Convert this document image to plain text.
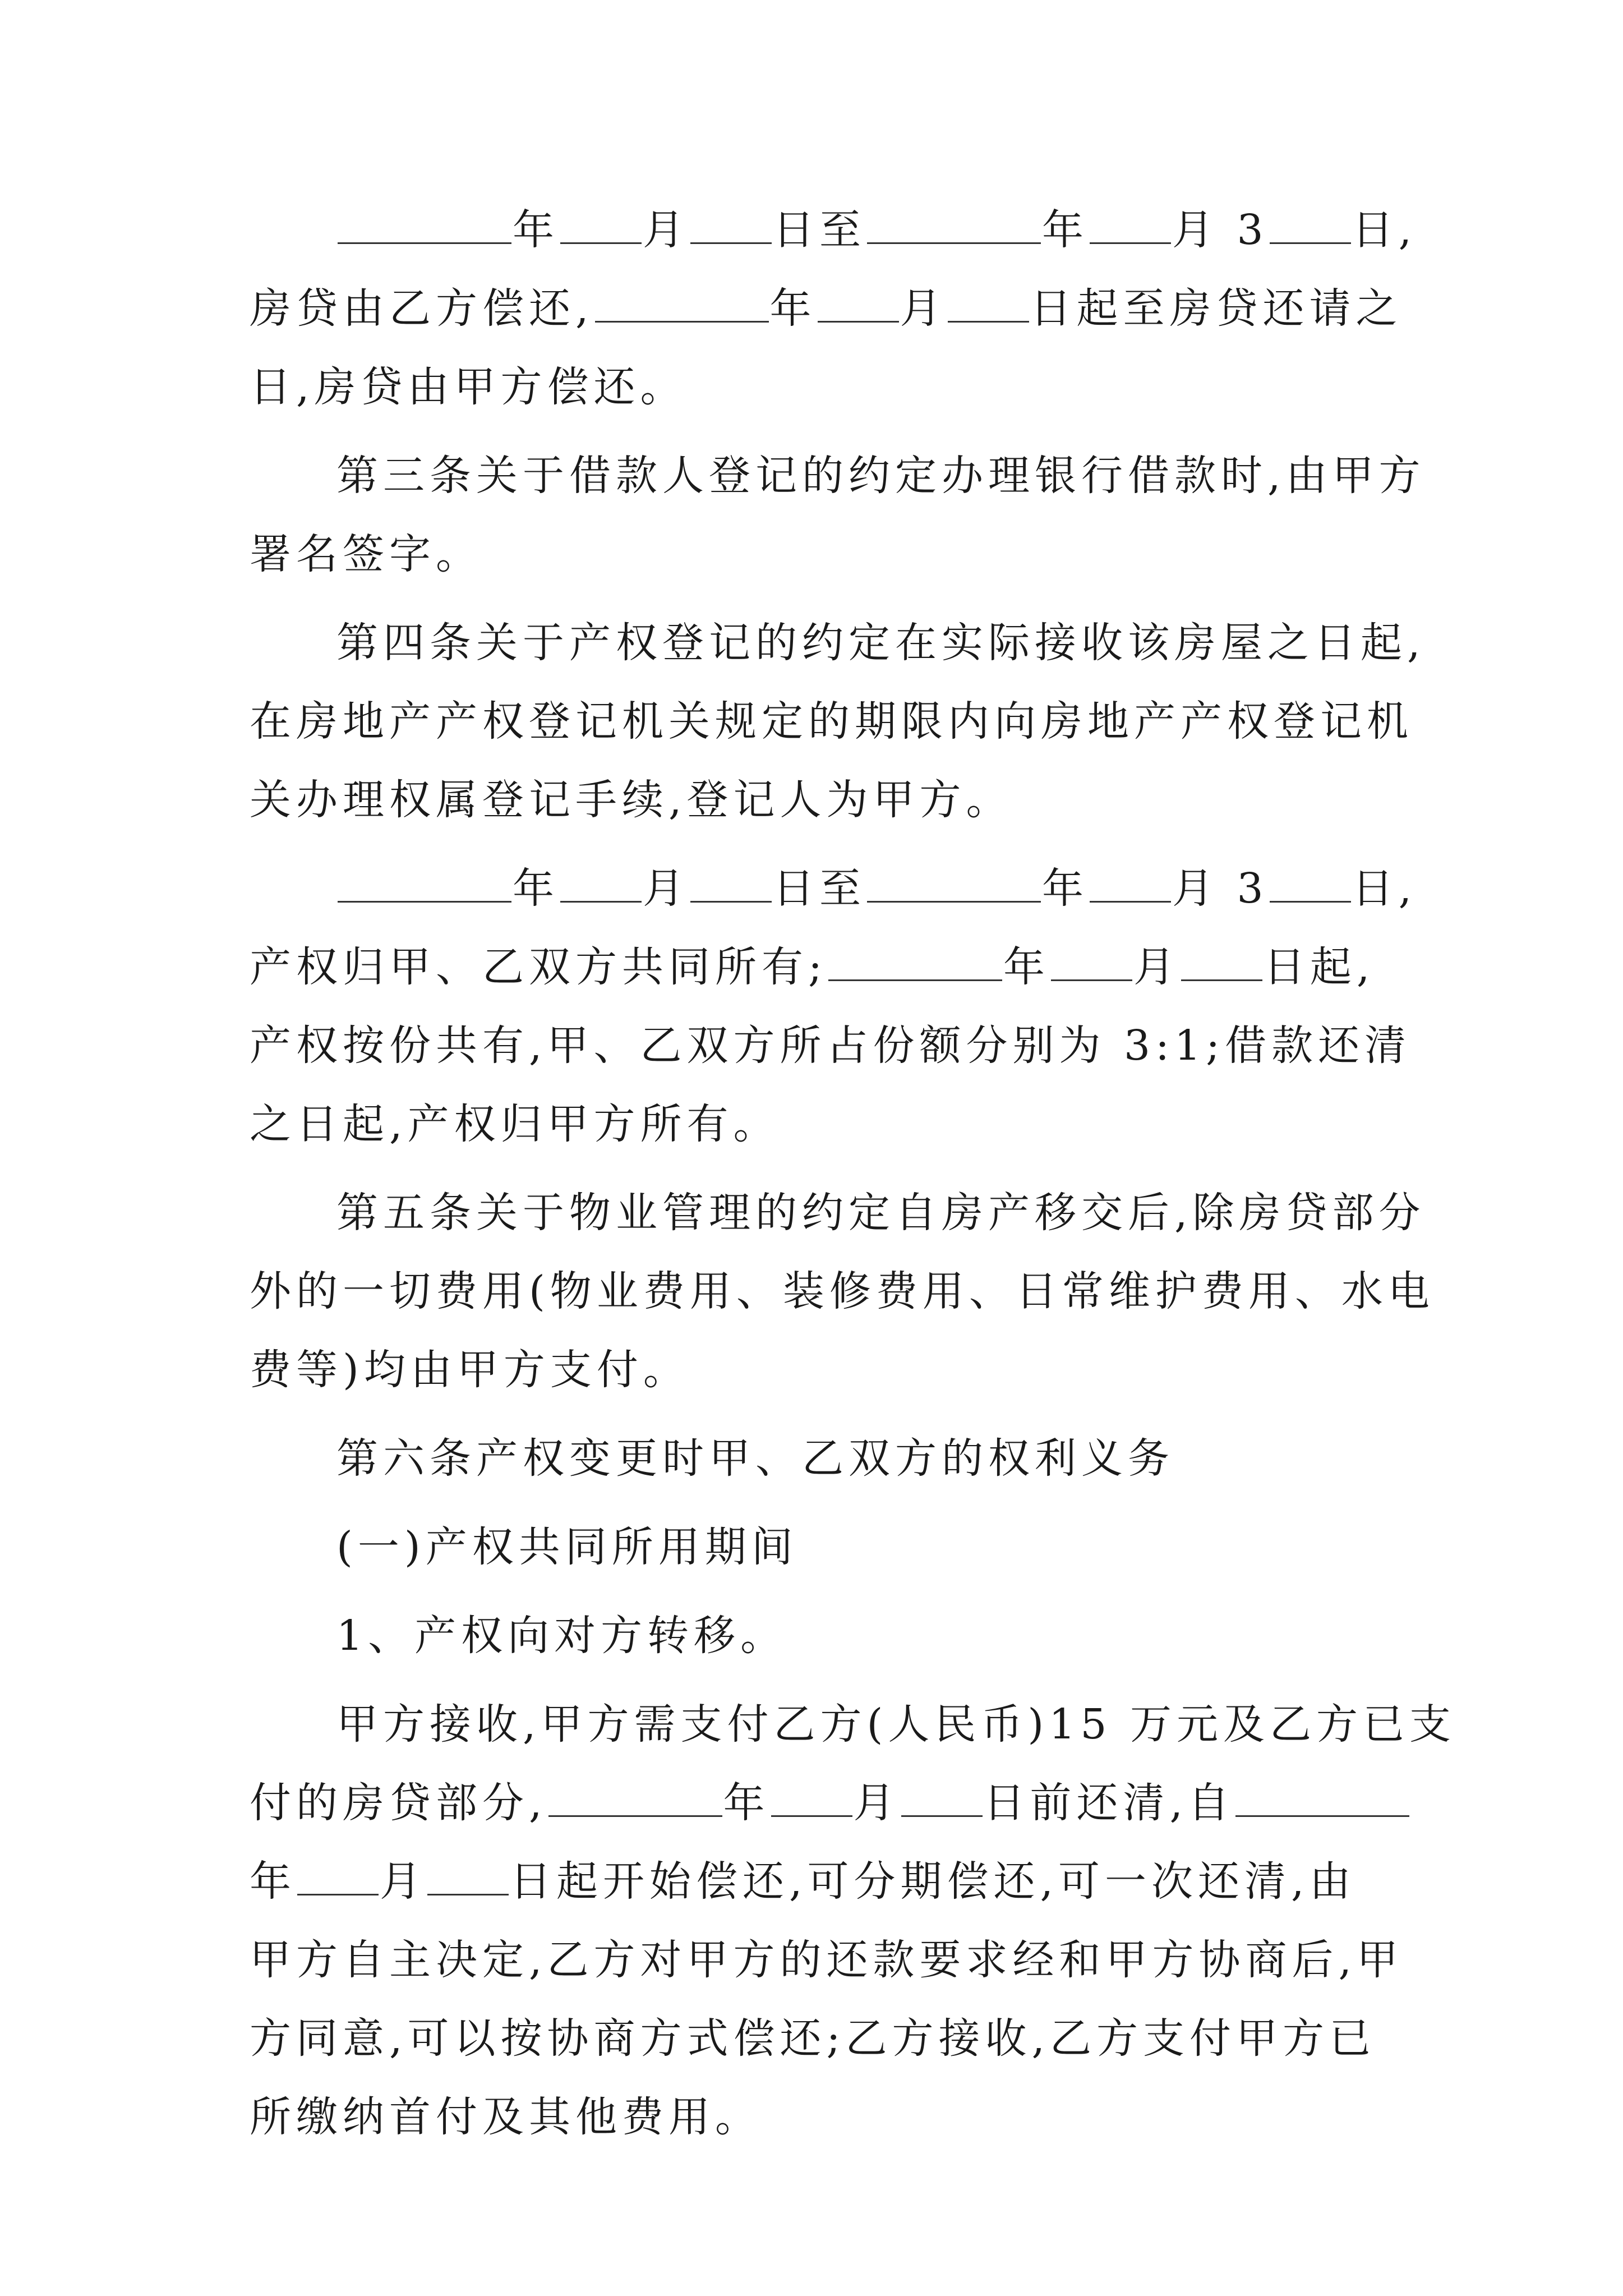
年 月 日至	年 月 3 日,
房贷由乙方偿还,	年 月 日起至房贷还请之
日,房贷由甲方偿还。
第三条关于借款人登记的约定办理银行借款时,由甲方
署名签字。
第四条关于产权登记的约定在实际接收该房屋之日起,
在房地产产权登记机关规定的期限内向房地产产权登记机
关办理权属登记手续,登记人为甲方。
年 月 日至	年 月 3 日,
产权归甲、乙双方共同所有;	年 月 日起,
产权按份共有,甲、乙双方所占份额分别为 3:1;借款还清
之日起,产权归甲方所有。
第五条关于物业管理的约定自房产移交后,除房贷部分
外的一切费用(物业费用、装修费用、日常维护费用、水电
费等)均由甲方支付。
第六条产权变更时甲、乙双方的权利义务
(一)产权共同所用期间
1、产权向对方转移。
甲方接收,甲方需支付乙方(人民币)15 万元及乙方已支
付的房贷部分,	年 月 日前还清,自
年 月 日起开始偿还,可分期偿还,可一次还清,由
甲方自主决定,乙方对甲方的还款要求经和甲方协商后,甲
方同意,可以按协商方式偿还;乙方接收,乙方支付甲方已
所缴纳首付及其他费用。
